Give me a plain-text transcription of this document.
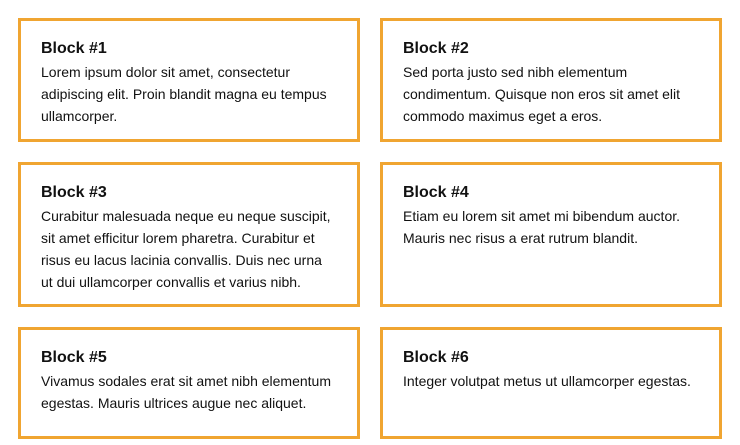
Block #1

Lorem ipsum dolor sit amet, consectetur adipiscing elit. Proin blandit magna eu tempus ullamcorper.

Block #2

Sed porta justo sed nibh elementum condimentum. Quisque non eros sit amet elit commodo maximus eget a eros.

Block #3

Curabitur malesuada neque eu neque suscipit, sit amet efficitur lorem pharetra. Curabitur et risus eu lacus lacinia convallis. Duis nec urna ut dui ullamcorper convallis et varius nibh.

Block #4

Etiam eu lorem sit amet mi bibendum auctor. Mauris nec risus a erat rutrum blandit.

Block #5

Vivamus sodales erat sit amet nibh elementum egestas. Mauris ultrices augue nec aliquet.

Block #6

Integer volutpat metus ut ullamcorper egestas.
